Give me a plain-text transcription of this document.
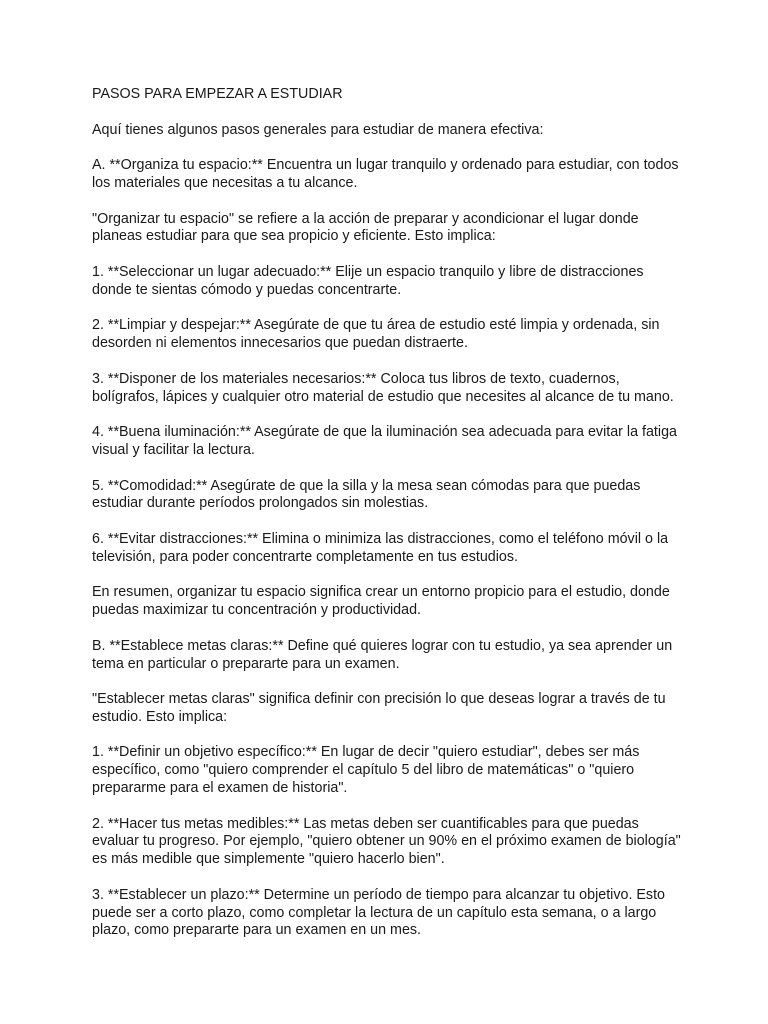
PASOS PARA EMPEZAR A ESTUDIAR

Aquí tienes algunos pasos generales para estudiar de manera efectiva:

A. **Organiza tu espacio:** Encuentra un lugar tranquilo y ordenado para estudiar, con todos los materiales que necesitas a tu alcance.

"Organizar tu espacio" se refiere a la acción de preparar y acondicionar el lugar donde planeas estudiar para que sea propicio y eficiente. Esto implica:

1. **Seleccionar un lugar adecuado:** Elije un espacio tranquilo y libre de distracciones donde te sientas cómodo y puedas concentrarte.

2. **Limpiar y despejar:** Asegúrate de que tu área de estudio esté limpia y ordenada, sin desorden ni elementos innecesarios que puedan distraerte.

3. **Disponer de los materiales necesarios:** Coloca tus libros de texto, cuadernos, bolígrafos, lápices y cualquier otro material de estudio que necesites al alcance de tu mano.

4. **Buena iluminación:** Asegúrate de que la iluminación sea adecuada para evitar la fatiga visual y facilitar la lectura.

5. **Comodidad:** Asegúrate de que la silla y la mesa sean cómodas para que puedas estudiar durante períodos prolongados sin molestias.

6. **Evitar distracciones:** Elimina o minimiza las distracciones, como el teléfono móvil o la televisión, para poder concentrarte completamente en tus estudios.

En resumen, organizar tu espacio significa crear un entorno propicio para el estudio, donde puedas maximizar tu concentración y productividad.

B. **Establece metas claras:** Define qué quieres lograr con tu estudio, ya sea aprender un tema en particular o prepararte para un examen.

"Establecer metas claras" significa definir con precisión lo que deseas lograr a través de tu estudio. Esto implica:

1. **Definir un objetivo específico:** En lugar de decir "quiero estudiar", debes ser más específico, como "quiero comprender el capítulo 5 del libro de matemáticas" o "quiero prepararme para el examen de historia".

2. **Hacer tus metas medibles:** Las metas deben ser cuantificables para que puedas evaluar tu progreso. Por ejemplo, "quiero obtener un 90% en el próximo examen de biología" es más medible que simplemente "quiero hacerlo bien".

3. **Establecer un plazo:** Determine un período de tiempo para alcanzar tu objetivo. Esto puede ser a corto plazo, como completar la lectura de un capítulo esta semana, o a largo plazo, como prepararte para un examen en un mes.
